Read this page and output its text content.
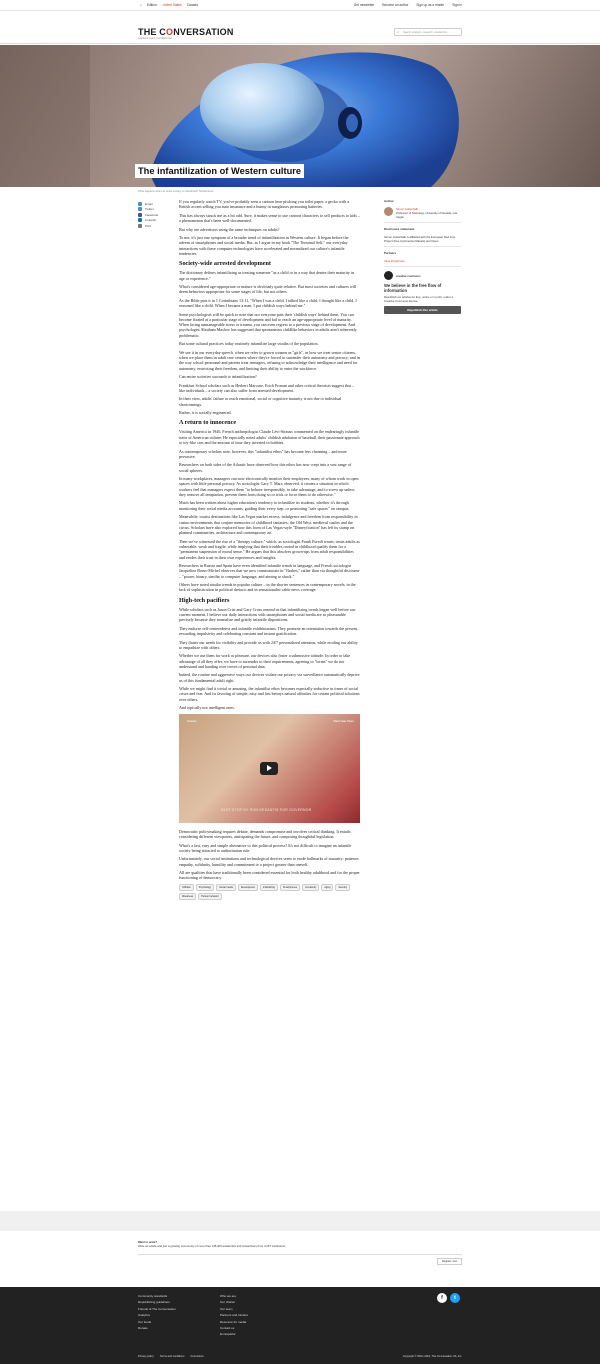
⌂ Edition: United States Canada	Get newsletter	Become an author	Sign up as a reader	Sign in
THE CONVERSATION
Academic rigour, journalistic flair
⌕ Search analysis, research, academics…
The infantilization of Western culture
What happens when an entire society is infantilized? Shutterstock
Email
Twitter
Facebook
LinkedIn
Print

If you regularly watch TV, you've probably seen a cartoon bear pitching you toilet paper, a gecko with a British accent selling you auto insurance and a bunny in sunglasses promoting batteries.

This has always struck me as a bit odd. Sure, it makes sense to use cartoon characters to sell products to kids – a phenomenon that's been well-documented.

But why are advertisers using the same techniques on adults?

To me, it's just one symptom of a broader trend of infantilization in Western culture. It began before the advent of smartphones and social media. But, as I argue in my book "The Terminal Self," our everyday interactions with these computer technologies have accelerated and normalized our culture's infantile tendencies.

Society-wide arrested development

The dictionary defines infantilizing as treating someone "as a child or in a way that denies their maturity in age or experience."

What's considered age-appropriate or mature is obviously quite relative. But most societies and cultures will deem behaviors appropriate for some stages of life, but not others.

As the Bible puts it in 1 Corinthians 13:11, "When I was a child, I talked like a child, I thought like a child, I reasoned like a child. When I became a man, I put childish ways behind me."

Some psychologists will be quick to note that not everyone puts their 'childish ways' behind them. You can become fixated at a particular stage of development and fail to reach an age-appropriate level of maturity. When facing unmanageable stress or trauma, you can even regress to a previous stage of development. And psychologist Abraham Maslow has suggested that spontaneous childlike behaviors in adults aren't inherently problematic.

But some cultural practices today routinely infantilize large swaths of the population.

We see it in our everyday speech, when we refer to grown women as "girls", in how we treat senior citizens, when we place them in adult care centers where they're forced to surrender their autonomy and privacy; and in the way school personnel and parents treat teenagers, refusing to acknowledge their intelligence and need for autonomy, restricting their freedom, and limiting their ability to enter the workforce.

Can entire societies succumb to infantilization?

Frankfurt School scholars such as Herbert Marcuse, Erich Fromm and other critical theorists suggest that – like individuals – a society can also suffer from arrested development.

In their view, adults' failure to reach emotional, social or cognitive maturity is not due to individual shortcomings.

Rather, it is socially engineered.

A return to innocence

Visiting America in 1946, French anthropologist Claude Lévi-Strauss commented on the endearingly infantile traits of American culture. He especially noted adults' childish adulation of baseball, their passionate approach to toy-like cars and the amount of time they invested in hobbies.

As contemporary scholars note, however, this "infantilist ethos" has become less charming – and more pervasive.

Researchers on both sides of the Atlantic have observed how this ethos has now crept into a vast range of social spheres.

In many workplaces, managers can now electronically monitor their employees, many of whom work in open spaces with little personal privacy. As sociologist Gary T. Marx observed, it creates a situation in which workers feel that managers expect them "to behave irresponsibly, to take advantage, and to screw up unless they remove all temptation, prevent them from doing so or trick or force them to do otherwise."

Much has been written about higher education's tendency to infantilize its students, whether it's through monitoring their social media accounts, guiding their every step, or promoting "safe spaces" on campus.

Meanwhile, tourist destinations like Las Vegas market excess, indulgence and freedom from responsibility in casino environments that conjure memories of childhood fantasies: the Old West, medieval castles and the circus. Scholars have also explored how this form of Las Vegas-style "Disneyfication" has left its stamp on planned communities, architecture and contemporary art.

Then we've witnessed the rise of a "therapy culture," which, as sociologist Frank Furedi warns, treats adults as vulnerable, weak and fragile, while implying that their troubles rooted in childhood qualify them for a "permanent suspension of moral sense." He argues that this absolves grown-ups from adult responsibilities and erodes their trust in their own experiences and insights.

Researchers in Russia and Spain have even identified infantile trends in language, and French sociologist Jacqueline Barus-Michel observes that we now communicate in "flashes," rather than via thoughtful discourse – "poorer, binary, similar to computer language, and aiming to shock."

Others have noted similar trends in popular culture – in the shorter sentences in contemporary novels, in the lack of sophistication in political rhetoric and in sensationalist cable news coverage.

High-tech pacifiers

While scholars such as Jason Crist and Gary Cross remind us that infantilizing trends began well before our current moment, I believe our daily interactions with smartphones and social media are so pleasurable precisely because they normalize and gratify infantile dispositions.

They endorse self-centeredness and infantile exhibitionism. They promote an orientation towards the present, rewarding impulsivity and celebrating constant and instant gratification.

They flatter our needs for visibility and provide us with 24/7 personalized attention, while eroding our ability to empathize with others.

Whether we use them for work or pleasure, our devices also foster a submissive attitude. In order to take advantage of all they offer, we have to surrender to their requirements, agreeing to "terms" we do not understand and handing over troves of personal data.

Indeed, the routine and aggressive ways our devices violate our privacy via surveillance automatically deprive us of this fundamental adult right.

While we might find it trivial or amusing, the infantilist ethos becomes especially seductive in times of social crises and fear. And its favoring of simple, easy and fast betrays natural affinities for certain political solutions over others.

And typically not intelligent ones.

Classic	Watch later Share
FAST STOP BY RON DESANTIS FOR GOVERNOR

Democratic policymaking requires debate, demands compromise and involves critical thinking. It entails considering different viewpoints, anticipating the future, and composing thoughtful legislation.

What's a fast, easy and simple alternative to this political process? It's not difficult to imagine an infantile society being attracted to authoritarian rule.

Unfortunately, our social institutions and technological devices seem to erode hallmarks of maturity: patience, empathy, solidarity, humility and commitment to a project greater than oneself.

All are qualities that have traditionally been considered essential for both healthy adulthood and for the proper functioning of democracy.

Children	Psychology	Social media	Development	Infantilizing	Smartphones	Immaturity	Aging	Security
Weakness	Human behavior
Author
Simon Gottschalk
Professor of Sociology, University of Nevada, Las Vegas
Disclosure statement
Simon Gottschalk is affiliated with the European Red Line Project (Des imprimeries Masais) and Open.
Partners
View all partners
creative commons
We believe in the free flow of information
Republish our articles for free, online or in print, under a Creative Commons license.
Republish this article
Want to write?
Write an article and join a growing community of more than 135,900 academics and researchers from 4,267 institutions.
Register now
Community standards
Republishing guidelines
Friends of The Conversation
Analytics
Our feeds
Donate
Who we are
Our charter
Our team
Partners and funders
Resource for media
Contact us
En Español
f	t
Privacy policy Terms and conditions Corrections	Copyright © 2010–2021, The Conversation US, Inc.
